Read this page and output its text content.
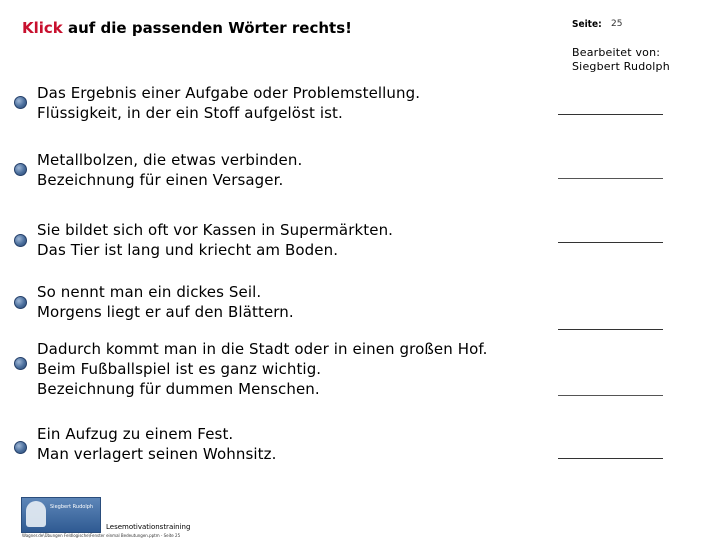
Klick auf die passenden Wörter rechts!	Seite: 25
Bearbeitet von:
Siegbert Rudolph
Das Ergebnis einer Aufgabe oder Problemstellung.
Flüssigkeit, in der ein Stoff aufgelöst ist.
Metallbolzen, die etwas verbinden.
Bezeichnung für einen Versager.
Sie bildet sich oft vor Kassen in Supermärkten.
Das Tier ist lang und kriecht am Boden.
So nennt man ein dickes Seil.
Morgens liegt er auf den Blättern.
Dadurch kommt man in die Stadt oder in einen großen Hof.
Beim Fußballspiel ist es ganz wichtig.
Bezeichnung für dummen Menschen.
Ein Aufzug zu einem Fest.
Man verlagert seinen Wohnsitz.
Siegbert Rudolph
Lesemotivationstraining
Wagner.de\Übungen Feldlogische\Fenster einmal Bedeutungen.pptm - Seite 25
